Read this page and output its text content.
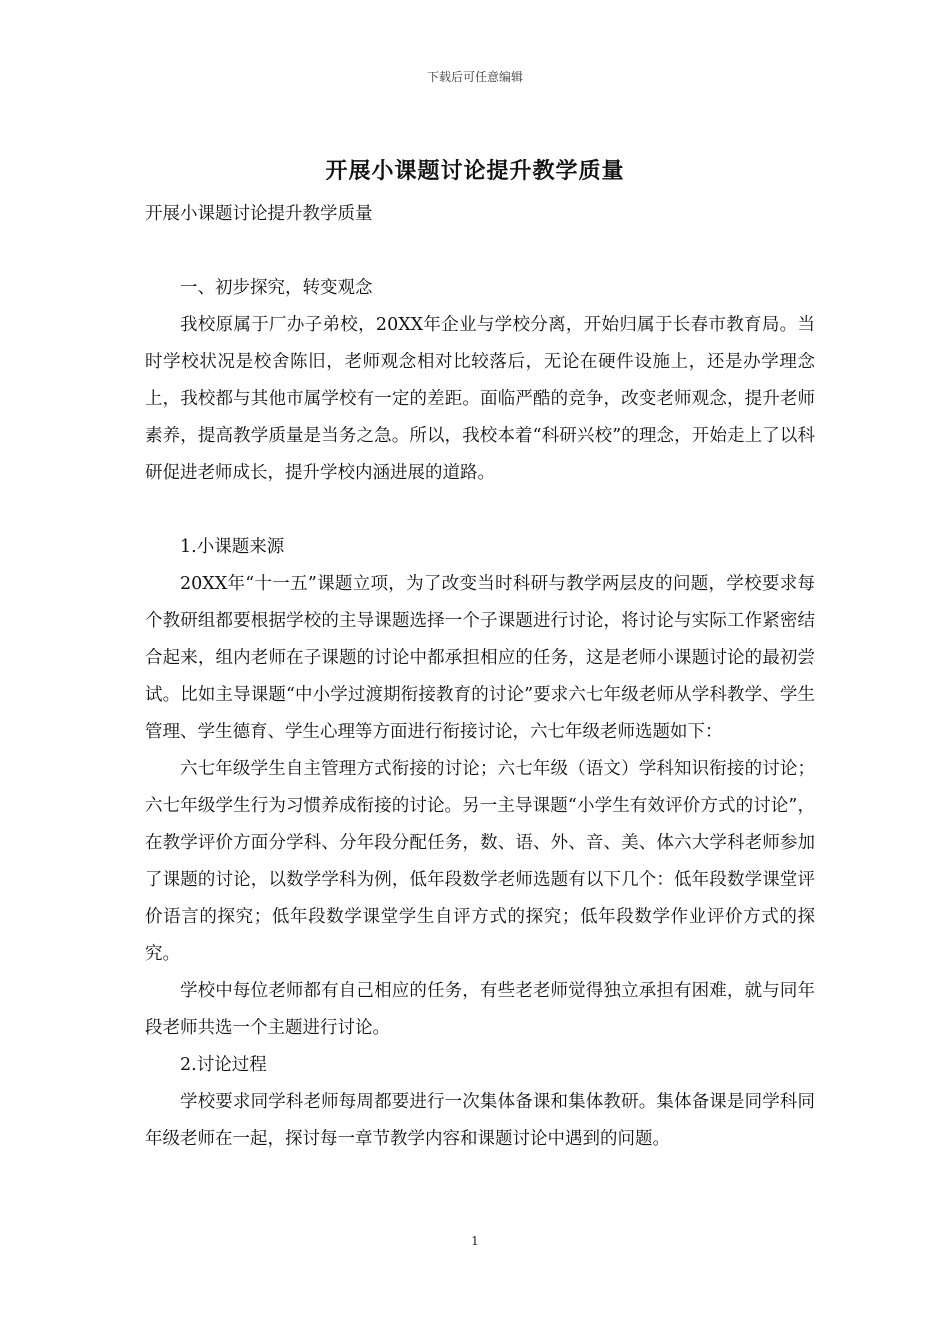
下载后可任意编辑
开展小课题讨论提升教学质量

开展小课题讨论提升教学质量

一、初步探究，转变观念

我校原属于厂办子弟校，20XX年企业与学校分离，开始归属于长春市教育局。当时学校状况是校舍陈旧，老师观念相对比较落后，无论在硬件设施上，还是办学理念上，我校都与其他市属学校有一定的差距。面临严酷的竞争，改变老师观念，提升老师素养，提高教学质量是当务之急。所以，我校本着“科研兴校”的理念，开始走上了以科研促进老师成长，提升学校内涵进展的道路。

1.小课题来源

20XX年“十一五”课题立项，为了改变当时科研与教学两层皮的问题，学校要求每个教研组都要根据学校的主导课题选择一个子课题进行讨论，将讨论与实际工作紧密结合起来，组内老师在子课题的讨论中都承担相应的任务，这是老师小课题讨论的最初尝试。比如主导课题“中小学过渡期衔接教育的讨论”要求六七年级老师从学科教学、学生管理、学生德育、学生心理等方面进行衔接讨论，六七年级老师选题如下：

六七年级学生自主管理方式衔接的讨论；六七年级（语文）学科知识衔接的讨论；六七年级学生行为习惯养成衔接的讨论。另一主导课题“小学生有效评价方式的讨论”，在教学评价方面分学科、分年段分配任务，数、语、外、音、美、体六大学科老师参加了课题的讨论，以数学学科为例，低年段数学老师选题有以下几个：低年段数学课堂评价语言的探究；低年段数学课堂学生自评方式的探究；低年段数学作业评价方式的探究。

学校中每位老师都有自己相应的任务，有些老老师觉得独立承担有困难，就与同年段老师共选一个主题进行讨论。

2.讨论过程

学校要求同学科老师每周都要进行一次集体备课和集体教研。集体备课是同学科同年级老师在一起，探讨每一章节教学内容和课题讨论中遇到的问题。

1
